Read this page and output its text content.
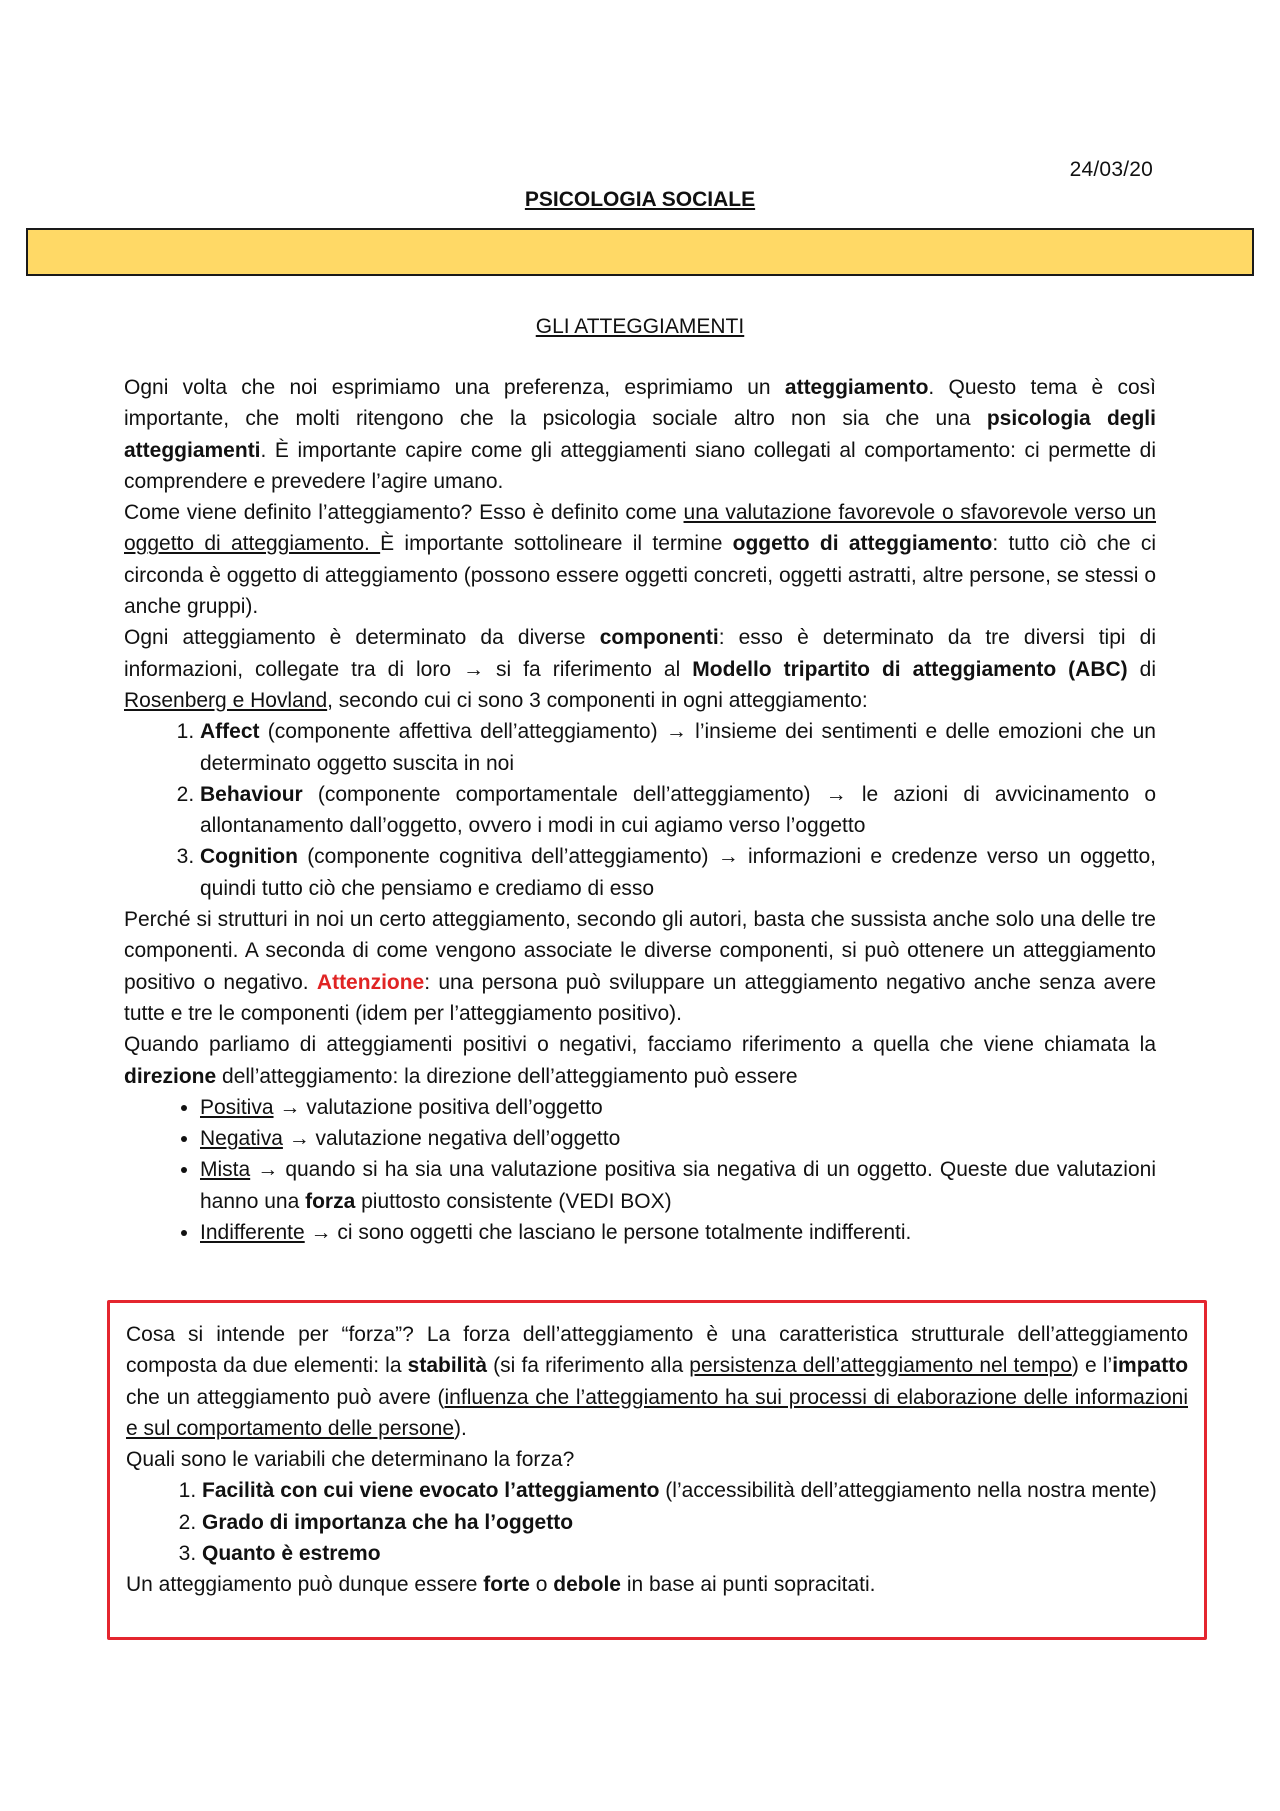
24/03/20
PSICOLOGIA SOCIALE
GLI ATTEGGIAMENTI

Ogni volta che noi esprimiamo una preferenza, esprimiamo un atteggiamento. Questo tema è così importante, che molti ritengono che la psicologia sociale altro non sia che una psicologia degli atteggiamenti. È importante capire come gli atteggiamenti siano collegati al comportamento: ci permette di comprendere e prevedere l’agire umano.

Come viene definito l’atteggiamento? Esso è definito come una valutazione favorevole o sfavorevole verso un oggetto di atteggiamento. È importante sottolineare il termine oggetto di atteggiamento: tutto ciò che ci circonda è oggetto di atteggiamento (possono essere oggetti concreti, oggetti astratti, altre persone, se stessi o anche gruppi).

Ogni atteggiamento è determinato da diverse componenti: esso è determinato da tre diversi tipi di informazioni, collegate tra di loro → si fa riferimento al Modello tripartito di atteggiamento (ABC) di Rosenberg e Hovland, secondo cui ci sono 3 componenti in ogni atteggiamento:

1. Affect (componente affettiva dell’atteggiamento) → l’insieme dei sentimenti e delle emozioni che un determinato oggetto suscita in noi
2. Behaviour (componente comportamentale dell’atteggiamento) → le azioni di avvicinamento o allontanamento dall’oggetto, ovvero i modi in cui agiamo verso l’oggetto
3. Cognition (componente cognitiva dell’atteggiamento) → informazioni e credenze verso un oggetto, quindi tutto ciò che pensiamo e crediamo di esso

Perché si strutturi in noi un certo atteggiamento, secondo gli autori, basta che sussista anche solo una delle tre componenti. A seconda di come vengono associate le diverse componenti, si può ottenere un atteggiamento positivo o negativo. Attenzione: una persona può sviluppare un atteggiamento negativo anche senza avere tutte e tre le componenti (idem per l’atteggiamento positivo).

Quando parliamo di atteggiamenti positivi o negativi, facciamo riferimento a quella che viene chiamata la direzione dell’atteggiamento: la direzione dell’atteggiamento può essere

• Positiva → valutazione positiva dell’oggetto
• Negativa → valutazione negativa dell’oggetto
• Mista → quando si ha sia una valutazione positiva sia negativa di un oggetto. Queste due valutazioni hanno una forza piuttosto consistente (VEDI BOX)
• Indifferente → ci sono oggetti che lasciano le persone totalmente indifferenti.

Cosa si intende per “forza”? La forza dell’atteggiamento è una caratteristica strutturale dell’atteggiamento composta da due elementi: la stabilità (si fa riferimento alla persistenza dell’atteggiamento nel tempo) e l’impatto che un atteggiamento può avere (influenza che l’atteggiamento ha sui processi di elaborazione delle informazioni e sul comportamento delle persone).

Quali sono le variabili che determinano la forza?

1. Facilità con cui viene evocato l’atteggiamento (l’accessibilità dell’atteggiamento nella nostra mente)
2. Grado di importanza che ha l’oggetto
3. Quanto è estremo

Un atteggiamento può dunque essere forte o debole in base ai punti sopracitati.
